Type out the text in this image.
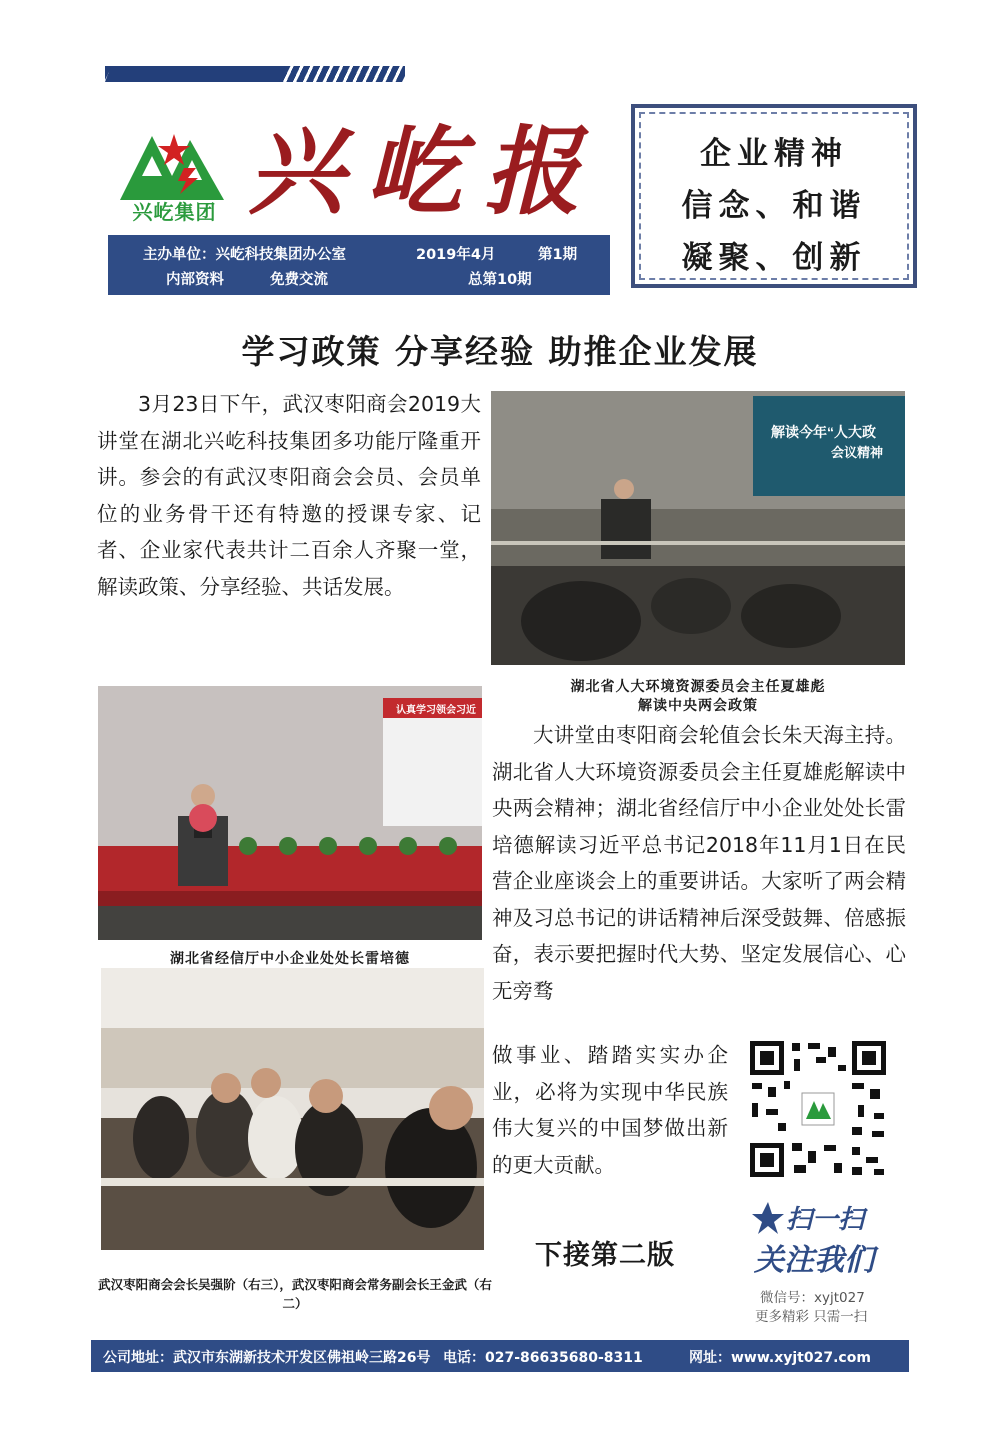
兴屹集团 兴屹报
主办单位：兴屹科技集团办公室	2019年4月	第1期
内部资料	免费交流	总第10期
企业精神
信念、和谐
凝聚、创新
学习政策 分享经验 助推企业发展
3月23日下午，武汉枣阳商会2019大讲堂在湖北兴屹科技集团多功能厅隆重开讲。参会的有武汉枣阳商会会员、会员单位的业务骨干还有特邀的授课专家、记者、企业家代表共计二百余人齐聚一堂，解读政策、分享经验、共话发展。
解读今年“人大政
会议精神
湖北省人大环境资源委员会主任夏雄彪
解读中央两会政策
认真学习领会习近
湖北省经信厅中小企业处处长雷培德
武汉枣阳商会会长吴强阶（右三），武汉枣阳商会常务副会长王金武（右二）
大讲堂由枣阳商会轮值会长朱天海主持。湖北省人大环境资源委员会主任夏雄彪解读中央两会精神；湖北省经信厅中小企业处处长雷培德解读习近平总书记2018年11月1日在民营企业座谈会上的重要讲话。大家听了两会精神及习总书记的讲话精神后深受鼓舞、倍感振奋，表示要把握时代大势、坚定发展信心、心无旁骛
做事业、踏踏实实办企业，必将为实现中华民族伟大复兴的中国梦做出新的更大贡献。
下接第二版
扫一扫
关注我们
微信号：xyjt027
更多精彩 只需一扫
公司地址：武汉市东湖新技术开发区佛祖岭三路26号 电话：027-86635680-8311	网址：www.xyjt027.com
